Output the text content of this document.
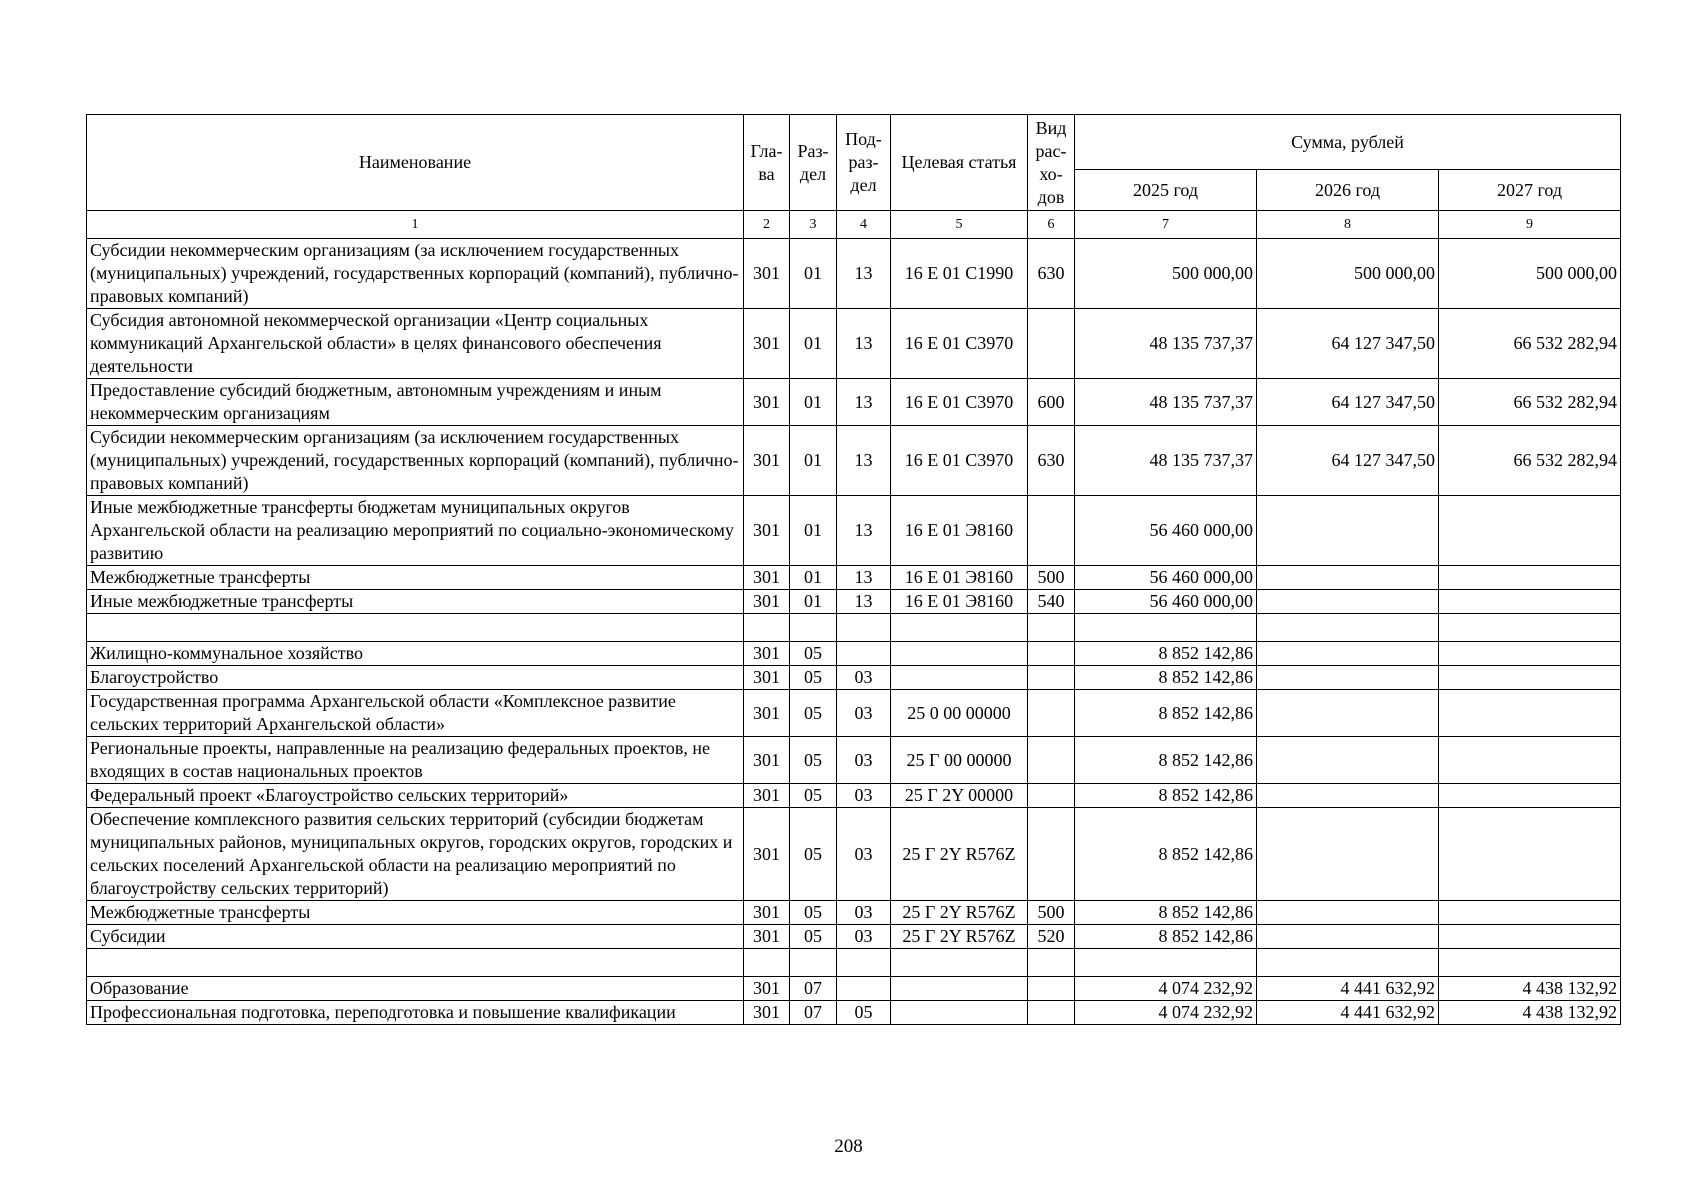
Наименование	Гла-ва	Раз-дел	Под-раз-дел	Целевая статья	Вид рас-хо-дов	Сумма, рублей		
						2025 год	2026 год	2027 год
1	2	3	4	5	6	7	8	9
Субсидии некоммерческим организациям (за исключением государственных (муниципальных) учреждений, государственных корпораций (компаний), публично-правовых компаний)	301	01	13	16 Е 01 С1990	630	500 000,00	500 000,00	500 000,00
Субсидия автономной некоммерческой организации «Центр социальных коммуникаций Архангельской области» в целях финансового обеспечения деятельности	301	01	13	16 Е 01 С3970		48 135 737,37	64 127 347,50	66 532 282,94
Предоставление субсидий бюджетным, автономным учреждениям и иным некоммерческим организациям	301	01	13	16 Е 01 С3970	600	48 135 737,37	64 127 347,50	66 532 282,94
Субсидии некоммерческим организациям (за исключением государственных (муниципальных) учреждений, государственных корпораций (компаний), публично-правовых компаний)	301	01	13	16 Е 01 С3970	630	48 135 737,37	64 127 347,50	66 532 282,94
Иные межбюджетные трансферты бюджетам муниципальных округов Архангельской области на реализацию мероприятий по социально-экономическому развитию	301	01	13	16 Е 01 Э8160		56 460 000,00		
Межбюджетные трансферты	301	01	13	16 Е 01 Э8160	500	56 460 000,00		
Иные межбюджетные трансферты	301	01	13	16 Е 01 Э8160	540	56 460 000,00		

Жилищно-коммунальное хозяйство	301	05				8 852 142,86		
Благоустройство	301	05	03			8 852 142,86		
Государственная программа Архангельской области «Комплексное развитие сельских территорий Архангельской области»	301	05	03	25 0 00 00000		8 852 142,86		
Региональные проекты, направленные на реализацию федеральных проектов, не входящих в состав национальных проектов	301	05	03	25 Г 00 00000		8 852 142,86		
Федеральный проект «Благоустройство сельских территорий»	301	05	03	25 Г 2Y 00000		8 852 142,86		
Обеспечение комплексного развития сельских территорий (субсидии бюджетам муниципальных районов, муниципальных округов, городских округов, городских и сельских поселений Архангельской области на реализацию мероприятий по благоустройству сельских территорий)	301	05	03	25 Г 2Y R576Z		8 852 142,86		
Межбюджетные трансферты	301	05	03	25 Г 2Y R576Z	500	8 852 142,86		
Субсидии	301	05	03	25 Г 2Y R576Z	520	8 852 142,86		

Образование	301	07				4 074 232,92	4 441 632,92	4 438 132,92
Профессиональная подготовка, переподготовка и повышение квалификации	301	07	05			4 074 232,92	4 441 632,92	4 438 132,92
208
